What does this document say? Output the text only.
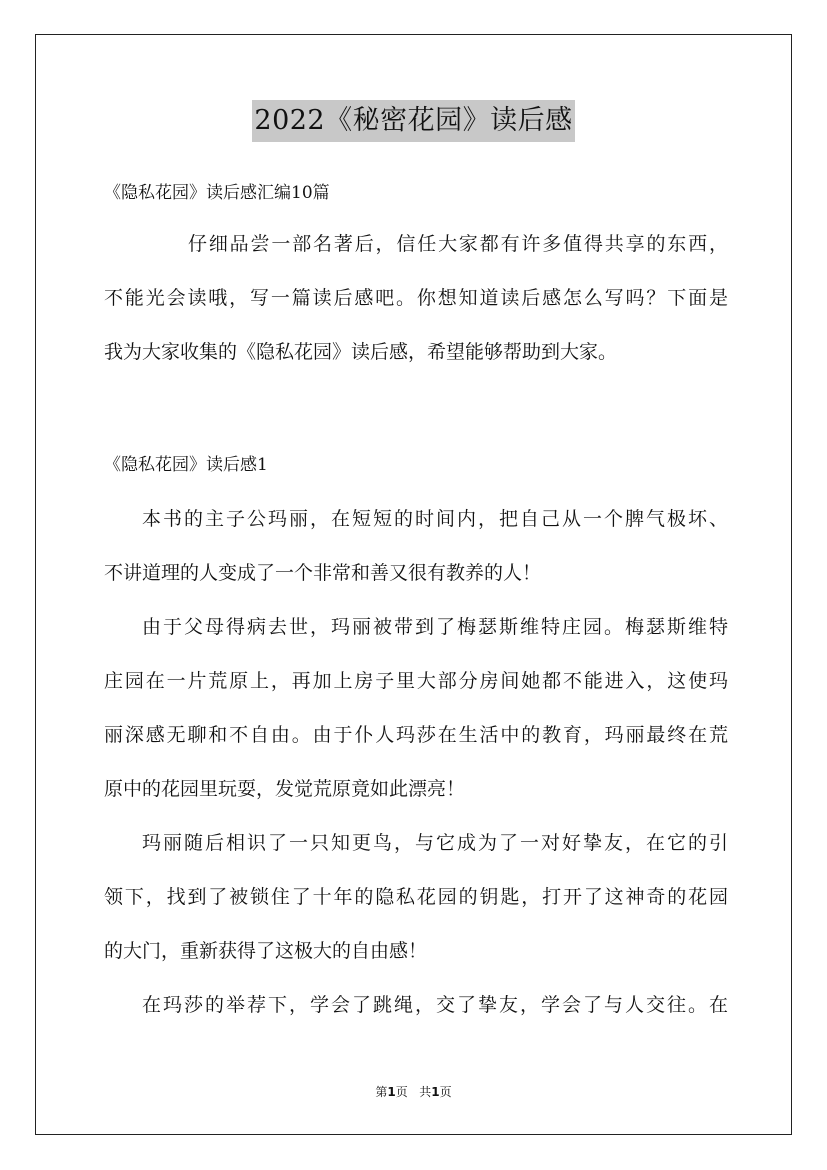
2022《秘密花园》读后感
《隐私花园》读后感汇编10篇
仔细品尝一部名著后，信任大家都有许多值得共享的东西，
不能光会读哦，写一篇读后感吧。你想知道读后感怎么写吗？下面是
我为大家收集的《隐私花园》读后感，希望能够帮助到大家。
《隐私花园》读后感1
本书的主子公玛丽，在短短的时间内，把自己从一个脾气极坏、
不讲道理的人变成了一个非常和善又很有教养的人！
由于父母得病去世，玛丽被带到了梅瑟斯维特庄园。梅瑟斯维特
庄园在一片荒原上，再加上房子里大部分房间她都不能进入，这使玛
丽深感无聊和不自由。由于仆人玛莎在生活中的教育，玛丽最终在荒
原中的花园里玩耍，发觉荒原竟如此漂亮！
玛丽随后相识了一只知更鸟，与它成为了一对好挚友，在它的引
领下，找到了被锁住了十年的隐私花园的钥匙，打开了这神奇的花园
的大门，重新获得了这极大的自由感！
在玛莎的举荐下，学会了跳绳，交了挚友，学会了与人交往。在
第1页 共1页
